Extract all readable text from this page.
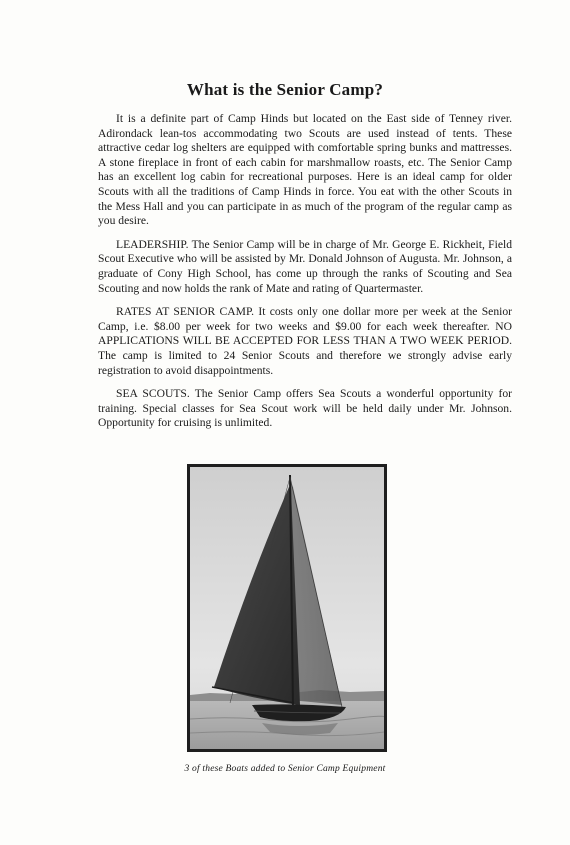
What is the Senior Camp?

It is a definite part of Camp Hinds but located on the East side of Tenney river. Adirondack lean-tos accommodating two Scouts are used instead of tents. These attractive cedar log shelters are equipped with comfortable spring bunks and mattresses. A stone fireplace in front of each cabin for marshmallow roasts, etc. The Senior Camp has an excellent log cabin for recreational purposes. Here is an ideal camp for older Scouts with all the traditions of Camp Hinds in force. You eat with the other Scouts in the Mess Hall and you can participate in as much of the program of the regular camp as you desire.

LEADERSHIP. The Senior Camp will be in charge of Mr. George E. Rickheit, Field Scout Executive who will be assisted by Mr. Donald Johnson of Augusta. Mr. Johnson, a graduate of Cony High School, has come up through the ranks of Scouting and Sea Scouting and now holds the rank of Mate and rating of Quartermaster.

RATES AT SENIOR CAMP. It costs only one dollar more per week at the Senior Camp, i.e. $8.00 per week for two weeks and $9.00 for each week thereafter. NO APPLICATIONS WILL BE ACCEPTED FOR LESS THAN A TWO WEEK PERIOD. The camp is limited to 24 Senior Scouts and therefore we strongly advise early registration to avoid disappointments.

SEA SCOUTS. The Senior Camp offers Sea Scouts a wonderful opportunity for training. Special classes for Sea Scout work will be held daily under Mr. Johnson. Opportunity for cruising is unlimited.

3 of these Boats added to Senior Camp Equipment
